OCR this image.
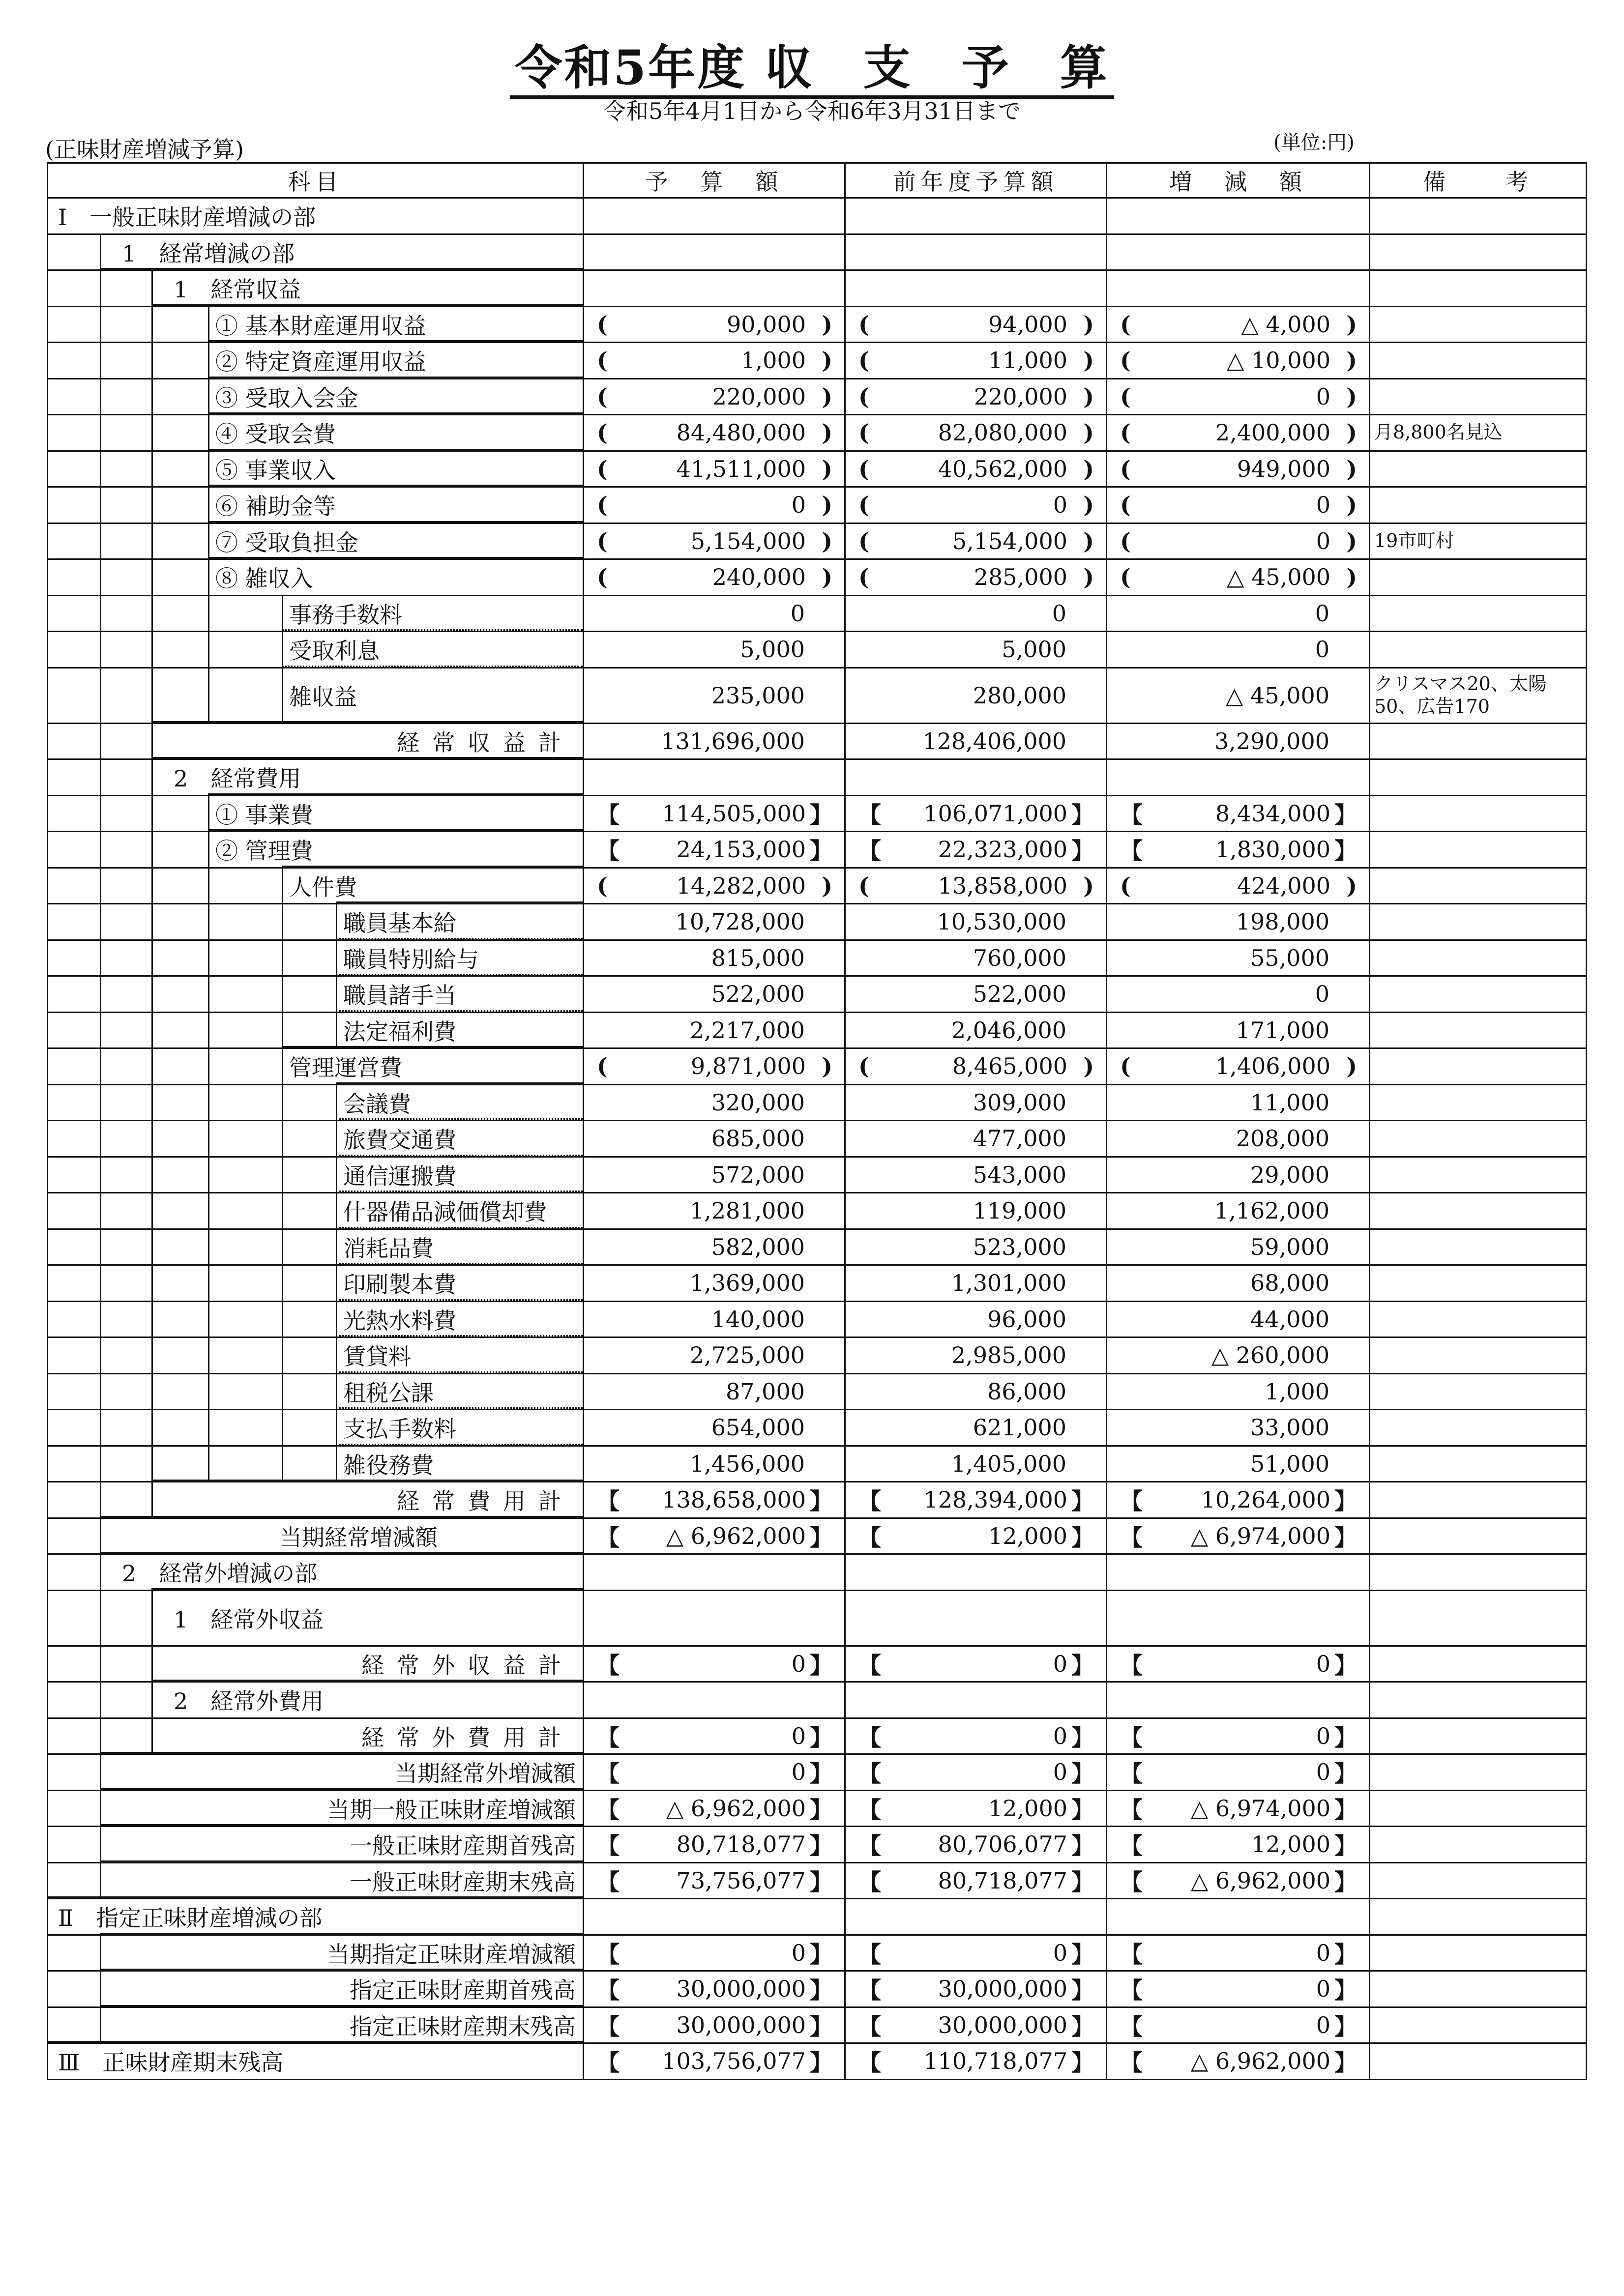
令和5年度 収　支　予　算
令和5年4月1日から令和6年3月31日まで
(正味財産増減予算)	(単位:円)
科目	予　算　額	前年度予算額	増　減　額	備　　考

Ⅰ　一般正味財産増減の部				

1　経常増減の部				

1　経常収益				

① 基本財産運用収益	( 90,000 )	( 94,000 )	( △ 4,000 )	

② 特定資産運用収益	( 1,000 )	( 11,000 )	( △ 10,000 )	

③ 受取入会金	( 220,000 )	( 220,000 )	( 0 )	

④ 受取会費	( 84,480,000 )	( 82,080,000 )	( 2,400,000 )	月8,800名見込

⑤ 事業収入	( 41,511,000 )	( 40,562,000 )	( 949,000 )	

⑥ 補助金等	( 0 )	( 0 )	( 0 )	

⑦ 受取負担金	( 5,154,000 )	( 5,154,000 )	( 0 )	19市町村

⑧ 雑収入	( 240,000 )	( 285,000 )	( △ 45,000 )	

事務手数料	0	0	0	

受取利息	5,000	5,000	0	

雑収益	235,000	280,000	△ 45,000	クリスマス20、太陽50、広告170

経常収益計	131,696,000	128,406,000	3,290,000	

2　経常費用				

① 事業費	【 114,505,000 】	【 106,071,000 】	【 8,434,000 】	

② 管理費	【 24,153,000 】	【 22,323,000 】	【 1,830,000 】	

人件費	( 14,282,000 )	( 13,858,000 )	( 424,000 )	

職員基本給	10,728,000	10,530,000	198,000	

職員特別給与	815,000	760,000	55,000	

職員諸手当	522,000	522,000	0	

法定福利費	2,217,000	2,046,000	171,000	

管理運営費	( 9,871,000 )	( 8,465,000 )	( 1,406,000 )	

会議費	320,000	309,000	11,000	

旅費交通費	685,000	477,000	208,000	

通信運搬費	572,000	543,000	29,000	

什器備品減価償却費	1,281,000	119,000	1,162,000	

消耗品費	582,000	523,000	59,000	

印刷製本費	1,369,000	1,301,000	68,000	

光熱水料費	140,000	96,000	44,000	

賃貸料	2,725,000	2,985,000	△ 260,000	

租税公課	87,000	86,000	1,000	

支払手数料	654,000	621,000	33,000	

雑役務費	1,456,000	1,405,000	51,000	

経常費用計	【 138,658,000 】	【 128,394,000 】	【 10,264,000 】	

当期経常増減額	【 △ 6,962,000 】	【 12,000 】	【 △ 6,974,000 】	

2　経常外増減の部				

1　経常外収益				

経常外収益計	【 0 】	【 0 】	【 0 】	

2　経常外費用				

経常外費用計	【 0 】	【 0 】	【 0 】	

当期経常外増減額	【 0 】	【 0 】	【 0 】	

当期一般正味財産増減額	【 △ 6,962,000 】	【 12,000 】	【 △ 6,974,000 】	

一般正味財産期首残高	【 80,718,077 】	【 80,706,077 】	【 12,000 】	

一般正味財産期末残高	【 73,756,077 】	【 80,718,077 】	【 △ 6,962,000 】	

Ⅱ　指定正味財産増減の部				

当期指定正味財産増減額	【 0 】	【 0 】	【 0 】	

指定正味財産期首残高	【 30,000,000 】	【 30,000,000 】	【 0 】	

指定正味財産期末残高	【 30,000,000 】	【 30,000,000 】	【 0 】	

Ⅲ　正味財産期末残高	【 103,756,077 】	【 110,718,077 】	【 △ 6,962,000 】	
